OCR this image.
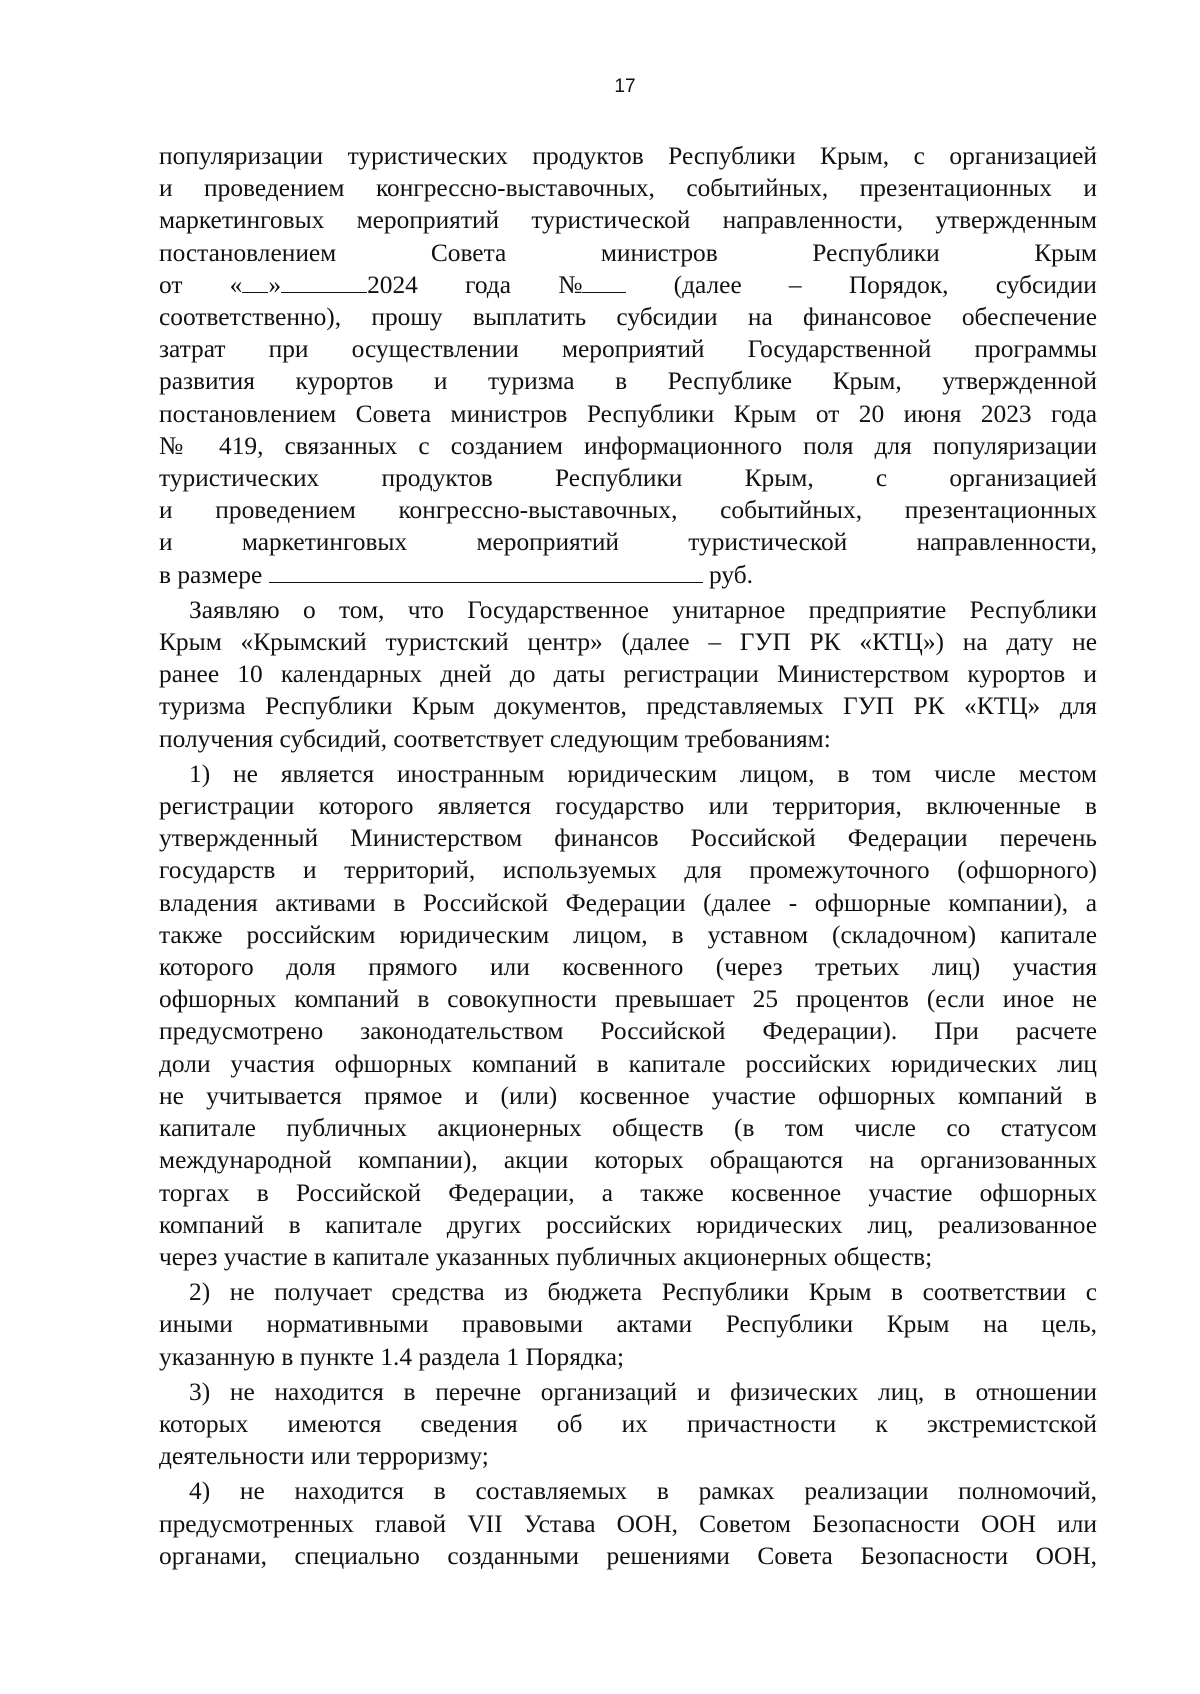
17
популяризации туристических продуктов Республики Крым, с организацией
и проведением конгрессно-выставочных, событийных, презентационных и
маркетинговых мероприятий туристической направленности, утвержденным
постановлением Совета министров Республики Крым
от « »	2024 года №	(далее – Порядок, субсидии
соответственно), прошу выплатить субсидии на финансовое обеспечение
затрат при осуществлении мероприятий Государственной программы
развития курортов и туризма в Республике Крым, утвержденной
постановлением Совета министров Республики Крым от 20 июня 2023 года
№ 419, связанных с созданием информационного поля для популяризации
туристических продуктов Республики Крым, с организацией
и проведением конгрессно-выставочных, событийных, презентационных
и маркетинговых мероприятий туристической направленности,
в размере	руб.
Заявляю о том, что Государственное унитарное предприятие Республики
Крым «Крымский туристский центр» (далее – ГУП РК «КТЦ») на дату не
ранее 10 календарных дней до даты регистрации Министерством курортов и
туризма Республики Крым документов, представляемых ГУП РК «КТЦ» для
получения субсидий, соответствует следующим требованиям:
1) не является иностранным юридическим лицом, в том числе местом
регистрации которого является государство или территория, включенные в
утвержденный Министерством финансов Российской Федерации перечень
государств и территорий, используемых для промежуточного (офшорного)
владения активами в Российской Федерации (далее - офшорные компании), а
также российским юридическим лицом, в уставном (складочном) капитале
которого доля прямого или косвенного (через третьих лиц) участия
офшорных компаний в совокупности превышает 25 процентов (если иное не
предусмотрено законодательством Российской Федерации). При расчете
доли участия офшорных компаний в капитале российских юридических лиц
не учитывается прямое и (или) косвенное участие офшорных компаний в
капитале публичных акционерных обществ (в том числе со статусом
международной компании), акции которых обращаются на организованных
торгах в Российской Федерации, а также косвенное участие офшорных
компаний в капитале других российских юридических лиц, реализованное
через участие в капитале указанных публичных акционерных обществ;
2) не получает средства из бюджета Республики Крым в соответствии с
иными нормативными правовыми актами Республики Крым на цель,
указанную в пункте 1.4 раздела 1 Порядка;
3) не находится в перечне организаций и физических лиц, в отношении
которых имеются сведения об их причастности к экстремистской
деятельности или терроризму;
4) не находится в составляемых в рамках реализации полномочий,
предусмотренных главой VII Устава ООН, Советом Безопасности ООН или
органами, специально созданными решениями Совета Безопасности ООН,
